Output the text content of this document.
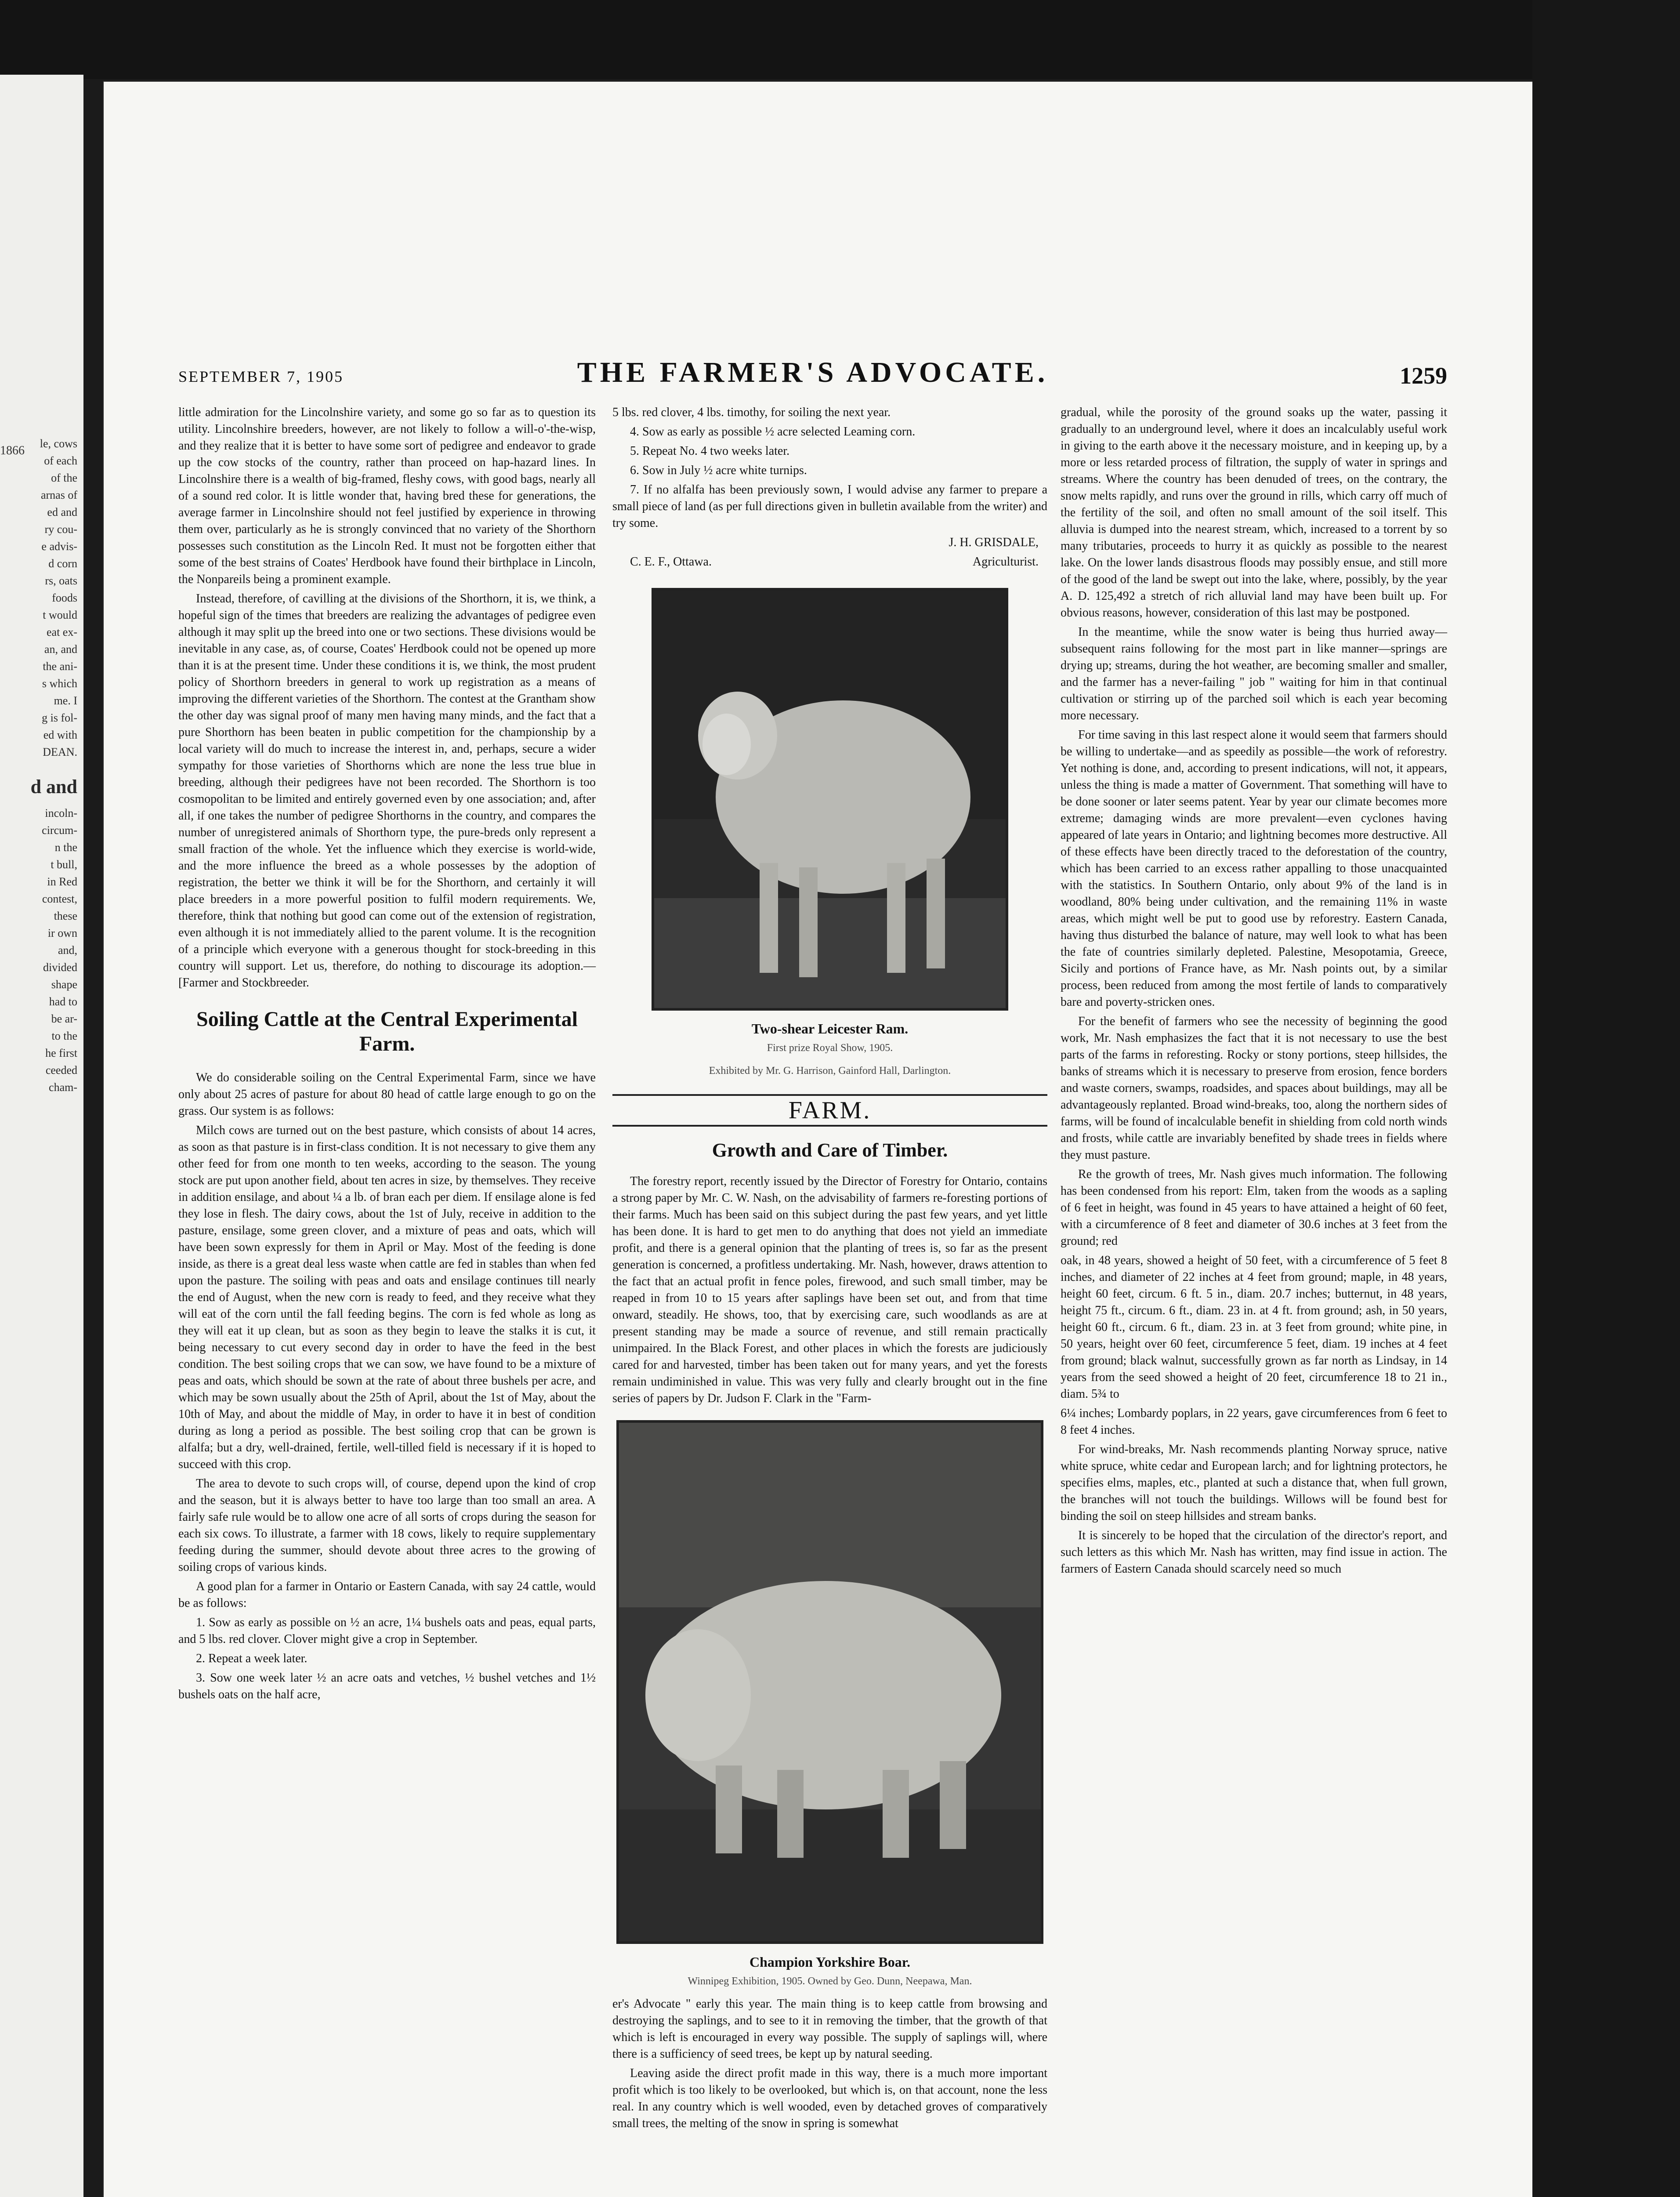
1866
le, cows
of each
of the
arnas of
ed and
ry cou-
e advis-
d corn
rs, oats
foods
t would
eat ex-
an, and
the ani-
s which
me. I
g is fol-
ed with
DEAN.
d and
incoln-
circum-
n the
t bull,
in Red
contest,
these
ir own
and,
divided
shape
had to
be ar-
to the
he first
ceeded
cham-
SEPTEMBER 7, 1905	THE FARMER'S ADVOCATE.	1259

little admiration for the Lincolnshire variety, and some go so far as to question its utility. Lincolnshire breeders, however, are not likely to follow a will-o'-the-wisp, and they realize that it is better to have some sort of pedigree and endeavor to grade up the cow stocks of the country, rather than proceed on hap-hazard lines. In Lincolnshire there is a wealth of big-framed, fleshy cows, with good bags, nearly all of a sound red color. It is little wonder that, having bred these for generations, the average farmer in Lincolnshire should not feel justified by experience in throwing them over, particularly as he is strongly convinced that no variety of the Shorthorn possesses such constitution as the Lincoln Red. It must not be forgotten either that some of the best strains of Coates' Herdbook have found their birthplace in Lincoln, the Nonpareils being a prominent example.

Instead, therefore, of cavilling at the divisions of the Shorthorn, it is, we think, a hopeful sign of the times that breeders are realizing the advantages of pedigree even although it may split up the breed into one or two sections. These divisions would be inevitable in any case, as, of course, Coates' Herdbook could not be opened up more than it is at the present time. Under these conditions it is, we think, the most prudent policy of Shorthorn breeders in general to work up registration as a means of improving the different varieties of the Shorthorn. The contest at the Grantham show the other day was signal proof of many men having many minds, and the fact that a pure Shorthorn has been beaten in public competition for the championship by a local variety will do much to increase the interest in, and, perhaps, secure a wider sympathy for those varieties of Shorthorns which are none the less true blue in breeding, although their pedigrees have not been recorded. The Shorthorn is too cosmopolitan to be limited and entirely governed even by one association; and, after all, if one takes the number of pedigree Shorthorns in the country, and compares the number of unregistered animals of Shorthorn type, the pure-breds only represent a small fraction of the whole. Yet the influence which they exercise is world-wide, and the more influence the breed as a whole possesses by the adoption of registration, the better we think it will be for the Shorthorn, and certainly it will place breeders in a more powerful position to fulfil modern requirements. We, therefore, think that nothing but good can come out of the extension of registration, even although it is not immediately allied to the parent volume. It is the recognition of a principle which everyone with a generous thought for stock-breeding in this country will support. Let us, therefore, do nothing to discourage its adoption.—[Farmer and Stockbreeder.

Soiling Cattle at the Central Experimental Farm.

We do considerable soiling on the Central Experimental Farm, since we have only about 25 acres of pasture for about 80 head of cattle large enough to go on the grass. Our system is as follows:

Milch cows are turned out on the best pasture, which consists of about 14 acres, as soon as that pasture is in first-class condition. It is not necessary to give them any other feed for from one month to ten weeks, according to the season. The young stock are put upon another field, about ten acres in size, by themselves. They receive in addition ensilage, and about ¼ a lb. of bran each per diem. If ensilage alone is fed they lose in flesh. The dairy cows, about the 1st of July, receive in addition to the pasture, ensilage, some green clover, and a mixture of peas and oats, which will have been sown expressly for them in April or May. Most of the feeding is done inside, as there is a great deal less waste when cattle are fed in stables than when fed upon the pasture. The soiling with peas and oats and ensilage continues till nearly the end of August, when the new corn is ready to feed, and they receive what they will eat of the corn until the fall feeding begins. The corn is fed whole as long as they will eat it up clean, but as soon as they begin to leave the stalks it is cut, it being necessary to cut every second day in order to have the feed in the best condition. The best soiling crops that we can sow, we have found to be a mixture of peas and oats, which should be sown at the rate of about three bushels per acre, and which may be sown usually about the 25th of April, about the 1st of May, about the 10th of May, and about the middle of May, in order to have it in best of condition during as long a period as possible. The best soiling crop that can be grown is alfalfa; but a dry, well-drained, fertile, well-tilled field is necessary if it is hoped to succeed with this crop.

The area to devote to such crops will, of course, depend upon the kind of crop and the season, but it is always better to have too large than too small an area. A fairly safe rule would be to allow one acre of all sorts of crops during the season for each six cows. To illustrate, a farmer with 18 cows, likely to require supplementary feeding during the summer, should devote about three acres to the growing of soiling crops of various kinds.

A good plan for a farmer in Ontario or Eastern Canada, with say 24 cattle, would be as follows:

1. Sow as early as possible on ½ an acre, 1¼ bushels oats and peas, equal parts, and 5 lbs. red clover. Clover might give a crop in September.

2. Repeat a week later.

3. Sow one week later ½ an acre oats and vetches, ½ bushel vetches and 1½ bushels oats on the half acre,

5 lbs. red clover, 4 lbs. timothy, for soiling the next year.

4. Sow as early as possible ½ acre selected Leaming corn.

5. Repeat No. 4 two weeks later.

6. Sow in July ½ acre white turnips.

7. If no alfalfa has been previously sown, I would advise any farmer to prepare a small piece of land (as per full directions given in bulletin available from the writer) and try some.

J. H. GRISDALE,
C. E. F., Ottawa.	Agriculturist.
Two-shear Leicester Ram.
First prize Royal Show, 1905.
Exhibited by Mr. G. Harrison, Gainford Hall, Darlington.
FARM.
Growth and Care of Timber.

The forestry report, recently issued by the Director of Forestry for Ontario, contains a strong paper by Mr. C. W. Nash, on the advisability of farmers re-foresting portions of their farms. Much has been said on this subject during the past few years, and yet little has been done. It is hard to get men to do anything that does not yield an immediate profit, and there is a general opinion that the planting of trees is, so far as the present generation is concerned, a profitless undertaking. Mr. Nash, however, draws attention to the fact that an actual profit in fence poles, firewood, and such small timber, may be reaped in from 10 to 15 years after saplings have been set out, and from that time onward, steadily. He shows, too, that by exercising care, such woodlands as are at present standing may be made a source of revenue, and still remain practically unimpaired. In the Black Forest, and other places in which the forests are judiciously cared for and harvested, timber has been taken out for many years, and yet the forests remain undiminished in value. This was very fully and clearly brought out in the fine series of papers by Dr. Judson F. Clark in the "Farm-

Champion Yorkshire Boar.
Winnipeg Exhibition, 1905. Owned by Geo. Dunn, Neepawa, Man.

er's Advocate " early this year. The main thing is to keep cattle from browsing and destroying the saplings, and to see to it in removing the timber, that the growth of that which is left is encouraged in every way possible. The supply of saplings will, where there is a sufficiency of seed trees, be kept up by natural seeding.

Leaving aside the direct profit made in this way, there is a much more important profit which is too likely to be overlooked, but which is, on that account, none the less real. In any country which is well wooded, even by detached groves of comparatively small trees, the melting of the snow in spring is somewhat

gradual, while the porosity of the ground soaks up the water, passing it gradually to an underground level, where it does an incalculably useful work in giving to the earth above it the necessary moisture, and in keeping up, by a more or less retarded process of filtration, the supply of water in springs and streams. Where the country has been denuded of trees, on the contrary, the snow melts rapidly, and runs over the ground in rills, which carry off much of the fertility of the soil, and often no small amount of the soil itself. This alluvia is dumped into the nearest stream, which, increased to a torrent by so many tributaries, proceeds to hurry it as quickly as possible to the nearest lake. On the lower lands disastrous floods may possibly ensue, and still more of the good of the land be swept out into the lake, where, possibly, by the year A. D. 125,492 a stretch of rich alluvial land may have been built up. For obvious reasons, however, consideration of this last may be postponed.

In the meantime, while the snow water is being thus hurried away—subsequent rains following for the most part in like manner—springs are drying up; streams, during the hot weather, are becoming smaller and smaller, and the farmer has a never-failing " job " waiting for him in that continual cultivation or stirring up of the parched soil which is each year becoming more necessary.

For time saving in this last respect alone it would seem that farmers should be willing to undertake—and as speedily as possible—the work of reforestry. Yet nothing is done, and, according to present indications, will not, it appears, unless the thing is made a matter of Government. That something will have to be done sooner or later seems patent. Year by year our climate becomes more extreme; damaging winds are more prevalent—even cyclones having appeared of late years in Ontario; and lightning becomes more destructive. All of these effects have been directly traced to the deforestation of the country, which has been carried to an excess rather appalling to those unacquainted with the statistics. In Southern Ontario, only about 9% of the land is in woodland, 80% being under cultivation, and the remaining 11% in waste areas, which might well be put to good use by reforestry. Eastern Canada, having thus disturbed the balance of nature, may well look to what has been the fate of countries similarly depleted. Palestine, Mesopotamia, Greece, Sicily and portions of France have, as Mr. Nash points out, by a similar process, been reduced from among the most fertile of lands to comparatively bare and poverty-stricken ones.

For the benefit of farmers who see the necessity of beginning the good work, Mr. Nash emphasizes the fact that it is not necessary to use the best parts of the farms in reforesting. Rocky or stony portions, steep hillsides, the banks of streams which it is necessary to preserve from erosion, fence borders and waste corners, swamps, roadsides, and spaces about buildings, may all be advantageously replanted. Broad wind-breaks, too, along the northern sides of farms, will be found of incalculable benefit in shielding from cold north winds and frosts, while cattle are invariably benefited by shade trees in fields where they must pasture.

Re the growth of trees, Mr. Nash gives much information. The following has been condensed from his report: Elm, taken from the woods as a sapling of 6 feet in height, was found in 45 years to have attained a height of 60 feet, with a circumference of 8 feet and diameter of 30.6 inches at 3 feet from the ground; red

oak, in 48 years, showed a height of 50 feet, with a circumference of 5 feet 8 inches, and diameter of 22 inches at 4 feet from ground; maple, in 48 years, height 60 feet, circum. 6 ft. 5 in., diam. 20.7 inches; butternut, in 48 years, height 75 ft., circum. 6 ft., diam. 23 in. at 4 ft. from ground; ash, in 50 years, height 60 ft., circum. 6 ft., diam. 23 in. at 3 feet from ground; white pine, in 50 years, height over 60 feet, circumference 5 feet, diam. 19 inches at 4 feet from ground; black walnut, successfully grown as far north as Lindsay, in 14 years from the seed showed a height of 20 feet, circumference 18 to 21 in., diam. 5¾ to

6¼ inches; Lombardy poplars, in 22 years, gave circumferences from 6 feet to 8 feet 4 inches.

For wind-breaks, Mr. Nash recommends planting Norway spruce, native white spruce, white cedar and European larch; and for lightning protectors, he specifies elms, maples, etc., planted at such a distance that, when full grown, the branches will not touch the buildings. Willows will be found best for binding the soil on steep hillsides and stream banks.

It is sincerely to be hoped that the circulation of the director's report, and such letters as this which Mr. Nash has written, may find issue in action. The farmers of Eastern Canada should scarcely need so much
